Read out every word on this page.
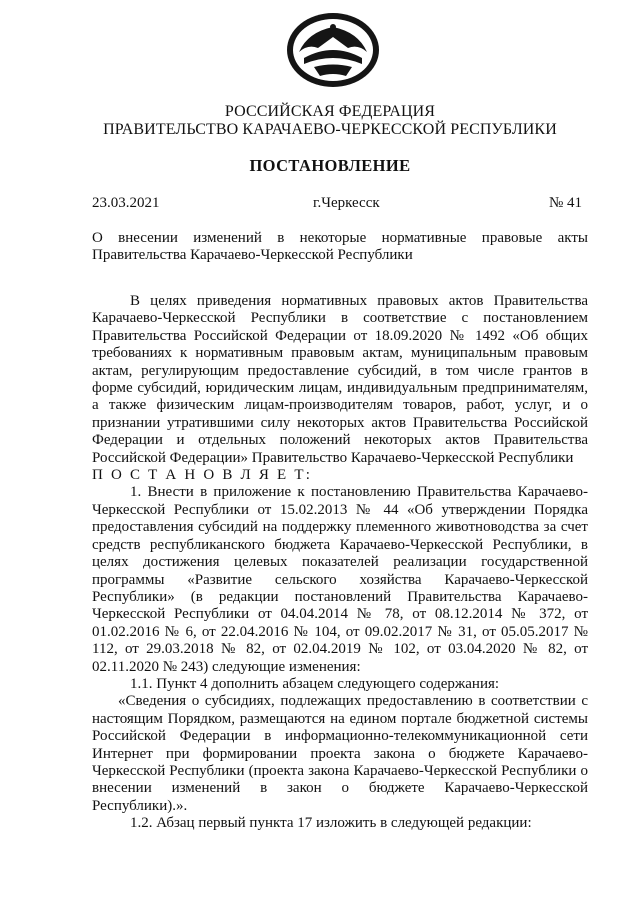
РОССИЙСКАЯ ФЕДЕРАЦИЯ
ПРАВИТЕЛЬСТВО КАРАЧАЕВО-ЧЕРКЕССКОЙ РЕСПУБЛИКИ
ПОСТАНОВЛЕНИЕ
23.03.2021	г.Черкесск	№ 41
О внесении изменений в некоторые нормативные правовые акты Правительства Карачаево-Черкесской Республики

В целях приведения нормативных правовых актов Правительства Карачаево-Черкесской Республики в соответствие с постановлением Правительства Российской Федерации от 18.09.2020 № 1492 «Об общих требованиях к нормативным правовым актам, муниципальным правовым актам, регулирующим предоставление субсидий, в том числе грантов в форме субсидий, юридическим лицам, индивидуальным предпринимателям, а также физическим лицам-производителям товаров, работ, услуг, и о признании утратившими силу некоторых актов Правительства Российской Федерации и отдельных положений некоторых актов Правительства Российской Федерации» Правительство Карачаево-Черкесской Республики

П О С Т А Н О В Л Я Е Т:

1. Внести в приложение к постановлению Правительства Карачаево-Черкесской Республики от 15.02.2013 № 44 «Об утверждении Порядка предоставления субсидий на поддержку племенного животноводства за счет средств республиканского бюджета Карачаево-Черкесской Республики, в целях достижения целевых показателей реализации государственной программы «Развитие сельского хозяйства Карачаево-Черкесской Республики» (в редакции постановлений Правительства Карачаево-Черкесской Республики от 04.04.2014 № 78, от 08.12.2014 № 372, от 01.02.2016 № 6, от 22.04.2016 № 104, от 09.02.2017 № 31, от 05.05.2017 № 112, от 29.03.2018 № 82, от 02.04.2019 № 102, от 03.04.2020 № 82, от 02.11.2020 № 243) следующие изменения:

1.1. Пункт 4 дополнить абзацем следующего содержания:

«Сведения о субсидиях, подлежащих предоставлению в соответствии с настоящим Порядком, размещаются на едином портале бюджетной системы Российской Федерации в информационно-телекоммуникационной сети Интернет при формировании проекта закона о бюджете Карачаево-Черкесской Республики (проекта закона Карачаево-Черкесской Республики о внесении изменений в закон о бюджете Карачаево-Черкесской Республики).».

1.2. Абзац первый пункта 17 изложить в следующей редакции:
